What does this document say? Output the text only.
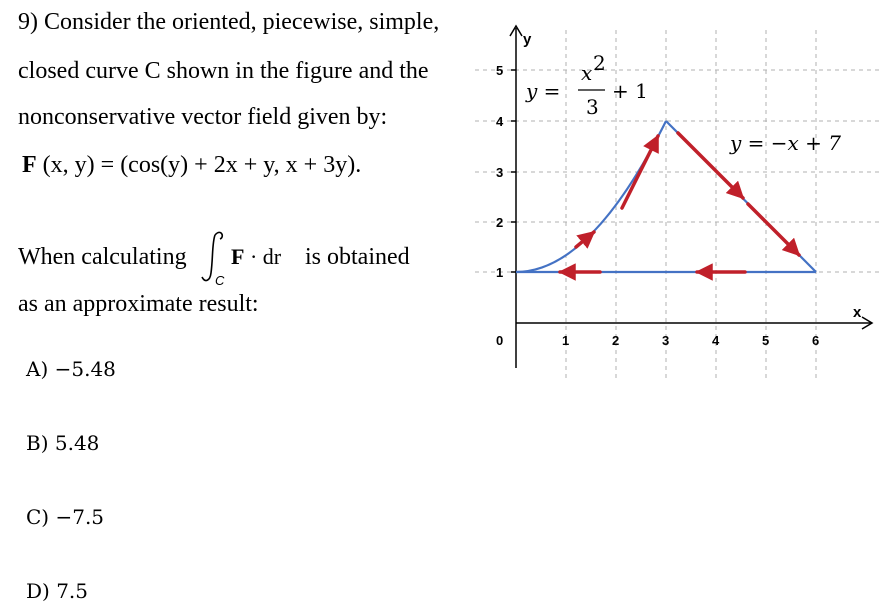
9) Consider the oriented, piecewise, simple,
closed curve C shown in the figure and the
nonconservative vector field given by:
F (x, y) = (cos(y) + 2x + y, x + 3y).
When calculating
C
F · dr is obtained
as an approximate result:
A) −5.48
B) 5.48
C) −7.5
D) 7.5
y
x
5
4
3
2
1
0	1	2	3	4	5	6
y =
x 2
3
+ 1
y = −x + 7
